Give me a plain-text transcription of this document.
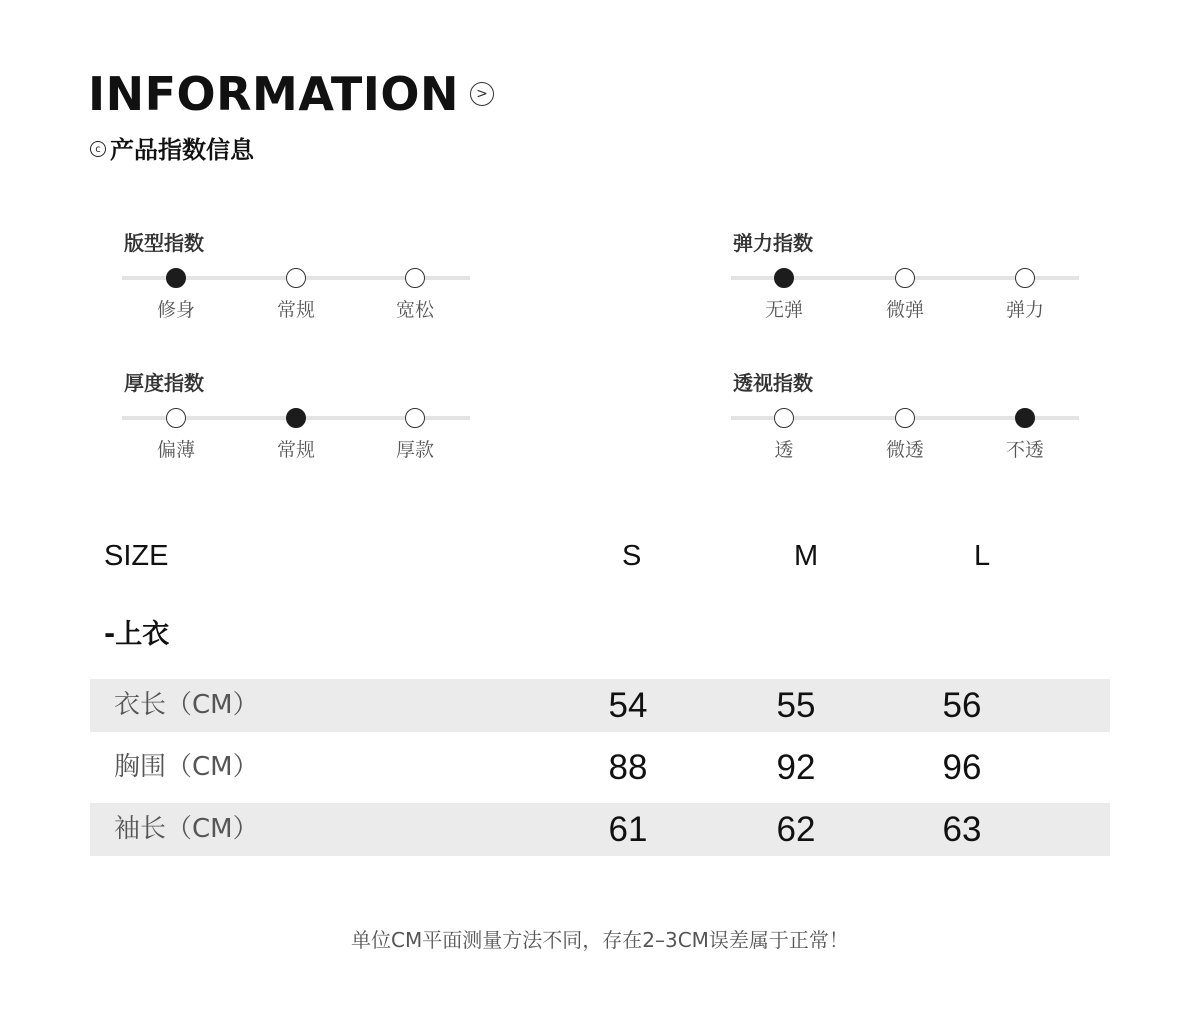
INFORMATION	>
c 产品指数信息
版型指数
修身	常规	宽松
弹力指数
无弹	微弹	弹力
厚度指数
偏薄	常规	厚款
透视指数
透	微透	不透
SIZE	S	M	L
-上衣
衣长（CM）	54	55	56
胸围（CM）	88	92	96
袖长（CM）	61	62	63
单位CM平面测量方法不同，存在2–3CM误差属于正常！
